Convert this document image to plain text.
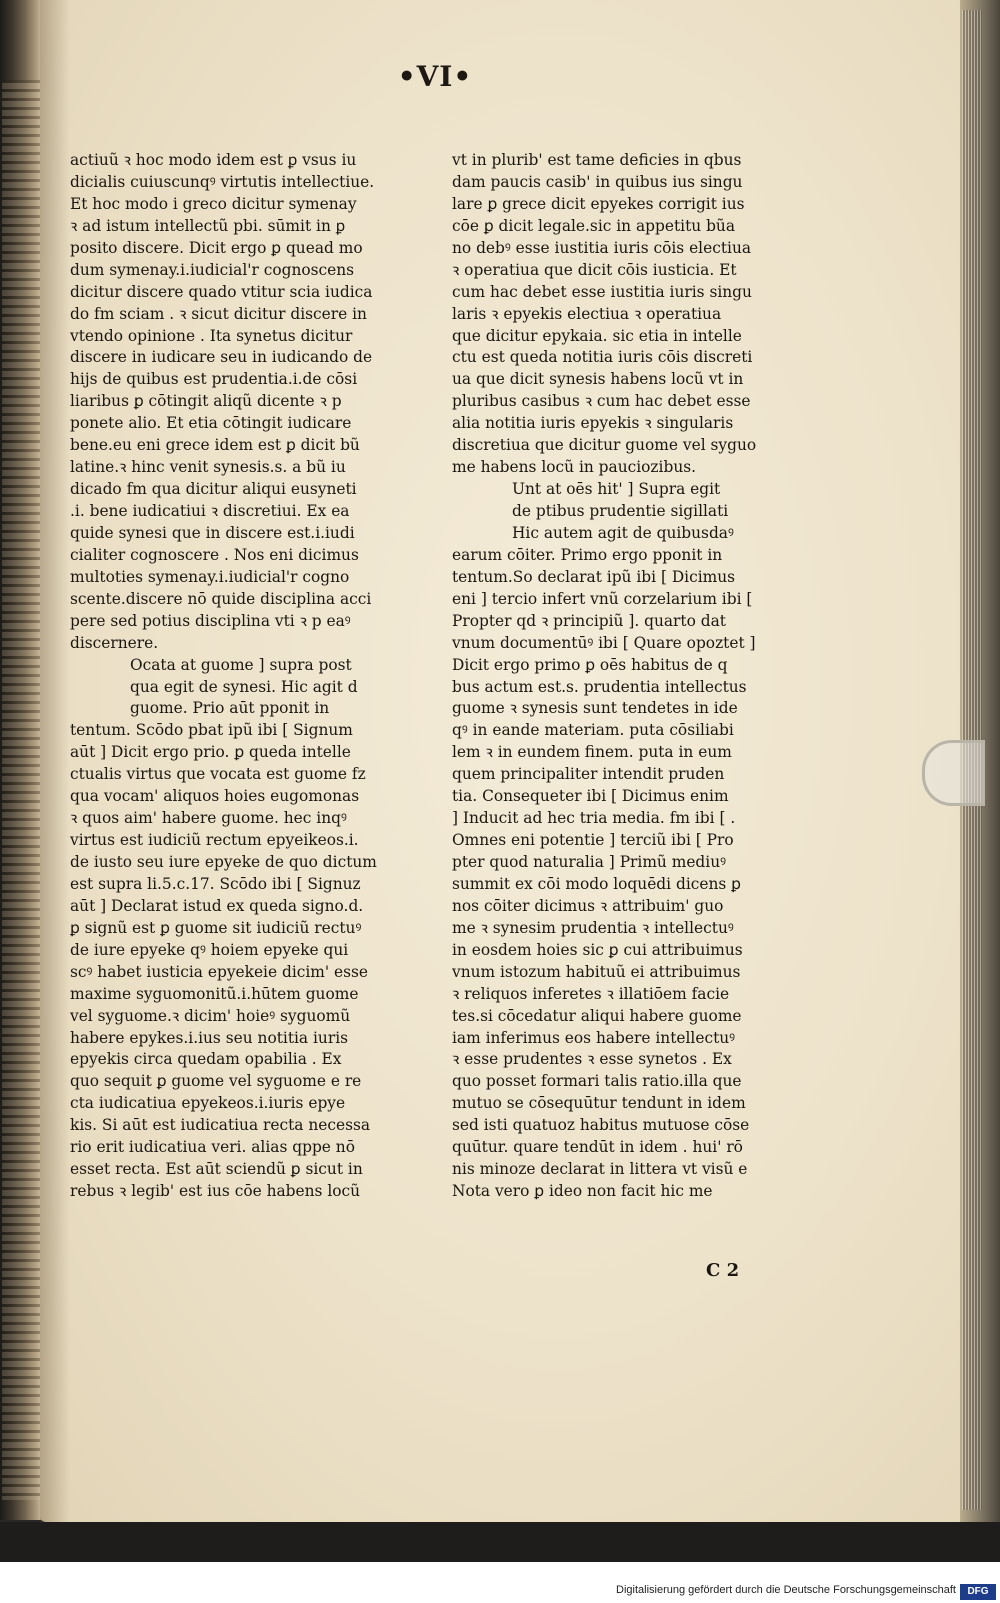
•VI•
actiuũ ꝛ hoc modo idem est ꝑ vsus iu
dicialis cuiuscunqꝰ virtutis intellectiue.
Et hoc modo i greco dicitur symenay
ꝛ ad istum intellectũ pbi. sūmit in ꝑ
posito discere. Dicit ergo ꝑ quead mo
dum symenay.i.iudicial'r cognoscens
dicitur discere quado vtitur scia iudica
do fm sciam . ꝛ sicut dicitur discere in
vtendo opinione . Ita synetus dicitur
discere in iudicare seu in iudicando de
hijs de quibus est prudentia.i.de cōsi
liaribus ꝑ cōtingit aliqũ dicente ꝛ p
ponete alio. Et etia cōtingit iudicare
bene.eu eni grece idem est ꝑ dicit bũ
latine.ꝛ hinc venit synesis.s. a bũ iu
dicado fm qua dicitur aliqui eusyneti
.i. bene iudicatiui ꝛ discretiui. Ex ea
quide synesi que in discere est.i.iudi
cialiter cognoscere . Nos eni dicimus
multoties symenay.i.iudicial'r cogno
scente.discere nō quide disciplina acci
pere sed potius disciplina vti ꝛ p eaꝰ
discernere.
Ocata at guome ] supra post
qua egit de synesi. Hic agit d
guome. Prio aūt pponit in
tentum. Scōdo pbat ipũ ibi [ Signum
aūt ] Dicit ergo prio. ꝑ queda intelle
ctualis virtus que vocata est guome fz
qua vocam' aliquos hoies eugomonas
ꝛ quos aim' habere guome. hec inqꝰ
virtus est iudiciũ rectum epyeikeos.i.
de iusto seu iure epyeke de quo dictum
est supra li.5.c.17. Scōdo ibi [ Signuz
aūt ] Declarat istud ex queda signo.d.
ꝑ signũ est ꝑ guome sit iudiciũ rectuꝰ
de iure epyeke qꝰ hoiem epyeke qui
scꝰ habet iusticia epyekeie dicim' esse
maxime syguomonitũ.i.hūtem guome
vel syguome.ꝛ dicim' hoieꝰ syguomũ
habere epykes.i.ius seu notitia iuris
epyekis circa quedam opabilia . Ex
quo sequit ꝑ guome vel syguome e re
cta iudicatiua epyekeos.i.iuris epye
kis. Si aūt est iudicatiua recta necessa
rio erit iudicatiua veri. alias qppe nō
esset recta. Est aūt sciendũ ꝑ sicut in
rebus ꝛ legib' est ius cōe habens locũ
vt in plurib' est tame deficies in qbus
dam paucis casib' in quibus ius singu
lare ꝑ grece dicit epyekes corrigit ius
cōe ꝑ dicit legale.sic in appetitu bũa
no debꝰ esse iustitia iuris cōis electiua
ꝛ operatiua que dicit cōis iusticia. Et
cum hac debet esse iustitia iuris singu
laris ꝛ epyekis electiua ꝛ operatiua
que dicitur epykaia. sic etia in intelle
ctu est queda notitia iuris cōis discreti
ua que dicit synesis habens locũ vt in
pluribus casibus ꝛ cum hac debet esse
alia notitia iuris epyekis ꝛ singularis
discretiua que dicitur guome vel syguo
me habens locũ in pauciozibus.
Unt at oēs hit' ] Supra egit
de ptibus prudentie sigillati
Hic autem agit de quibusdaꝰ
earum cōiter. Primo ergo pponit in
tentum.So declarat ipũ ibi [ Dicimus
eni ] tercio infert vnũ corzelarium ibi [
Propter qd ꝛ principiũ ]. quarto dat
vnum documentūꝰ ibi [ Quare opoztet ]
Dicit ergo primo ꝑ oēs habitus de q
bus actum est.s. prudentia intellectus
guome ꝛ synesis sunt tendetes in ide
qꝰ in eande materiam. puta cōsiliabi
lem ꝛ in eundem finem. puta in eum
quem principaliter intendit pruden
tia. Consequeter ibi [ Dicimus enim
] Inducit ad hec tria media. fm ibi [ .
Omnes eni potentie ] terciũ ibi [ Pro
pter quod naturalia ] Primũ mediuꝰ
summit ex cōi modo loquēdi dicens ꝑ
nos cōiter dicimus ꝛ attribuim' guo
me ꝛ synesim prudentia ꝛ intellectuꝰ
in eosdem hoies sic ꝑ cui attribuimus
vnum istozum habituũ ei attribuimus
ꝛ reliquos inferetes ꝛ illatiōem facie
tes.si cōcedatur aliqui habere guome
iam inferimus eos habere intellectuꝰ
ꝛ esse prudentes ꝛ esse synetos . Ex
quo posset formari talis ratio.illa que
mutuo se cōsequūtur tendunt in idem
sed isti quatuoz habitus mutuose cōse
quūtur. quare tendūt in idem . hui' rō
nis minoze declarat in littera vt visũ e
Nota vero ꝑ ideo non facit hic me
C 2
Digitalisierung gefördert durch die Deutsche Forschungsgemeinschaft	DFG
